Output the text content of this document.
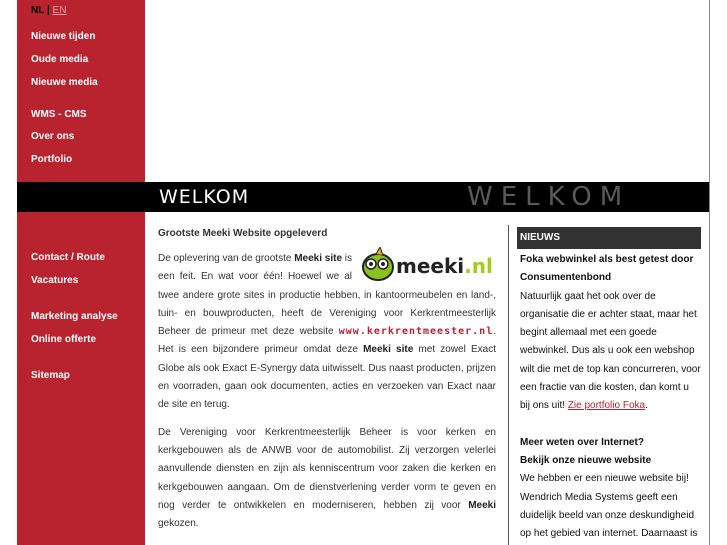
NL | EN
Nieuwe tijden
Oude media
Nieuwe media
WMS - CMS
Over ons
Portfolio
Contact / Route
Vacatures
Marketing analyse
Online offerte
Sitemap
WELKOM	WELKOM
Grootste Meeki Website opgeleverd

meeki.nl
De oplevering van de grootste Meeki site is een feit. En wat voor één! Hoewel we al twee andere grote sites in productie hebben, in kantoormeubelen en land-, tuin- en bouwproducten, heeft de Vereniging voor Kerkrentmeesterlijk Beheer de primeur met deze website www.kerkrentmeester.nl. Het is een bijzondere primeur omdat deze Meeki site met zowel Exact Globe als ook Exact E-Synergy data uitwisselt. Dus naast producten, prijzen en voorraden, gaan ook documenten, acties en verzoeken van Exact naar de site en terug.

De Vereniging voor Kerkrentmeesterlijk Beheer is voor kerken en kerkgebouwen als de ANWB voor de automobilist. Zij verzorgen velerlei aanvullende diensten en zijn als kenniscentrum voor zaken die kerken en kerkgebouwen aangaan. Om de dienstverlening verder vorm te geven en nog verder te ontwikkelen en moderniseren, hebben zij voor Meeki gekozen.

NIEUWS
Foka webwinkel als best getest door
Consumentenbond
Natuurlijk gaat het ook over de organisatie die er achter staat, maar het begint allemaal met een goede webwinkel. Dus als u ook een webshop wilt die met de top kan concurreren, voor een fractie van die kosten, dan komt u bij ons uit! Zie portfolio Foka.
Meer weten over Internet?
Bekijk onze nieuwe website
We hebben er een nieuwe website bij! Wendrich Media Systems geeft een duidelijk beeld van onze deskundigheid op het gebied van internet. Daarnaast is
